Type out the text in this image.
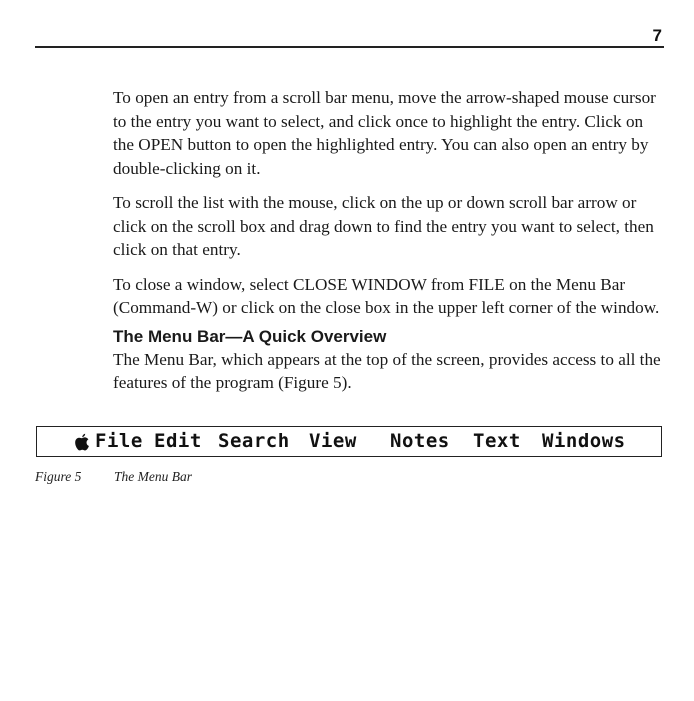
7

To open an entry from a scroll bar menu, move the arrow-shaped mouse cursor to the entry you want to select, and click once to highlight the entry. Click on the OPEN button to open the highlighted entry. You can also open an entry by double-clicking on it.

To scroll the list with the mouse, click on the up or down scroll bar arrow or click on the scroll box and drag down to find the entry you want to select, then click on that entry.

To close a window, select CLOSE WINDOW from FILE on the Menu Bar (Command-W) or click on the close box in the upper left corner of the window.

The Menu Bar—A Quick Overview

The Menu Bar, which appears at the top of the screen, provides access to all the features of the program (Figure 5).

File Edit Search View Notes Text Windows
Figure 5 The Menu Bar
